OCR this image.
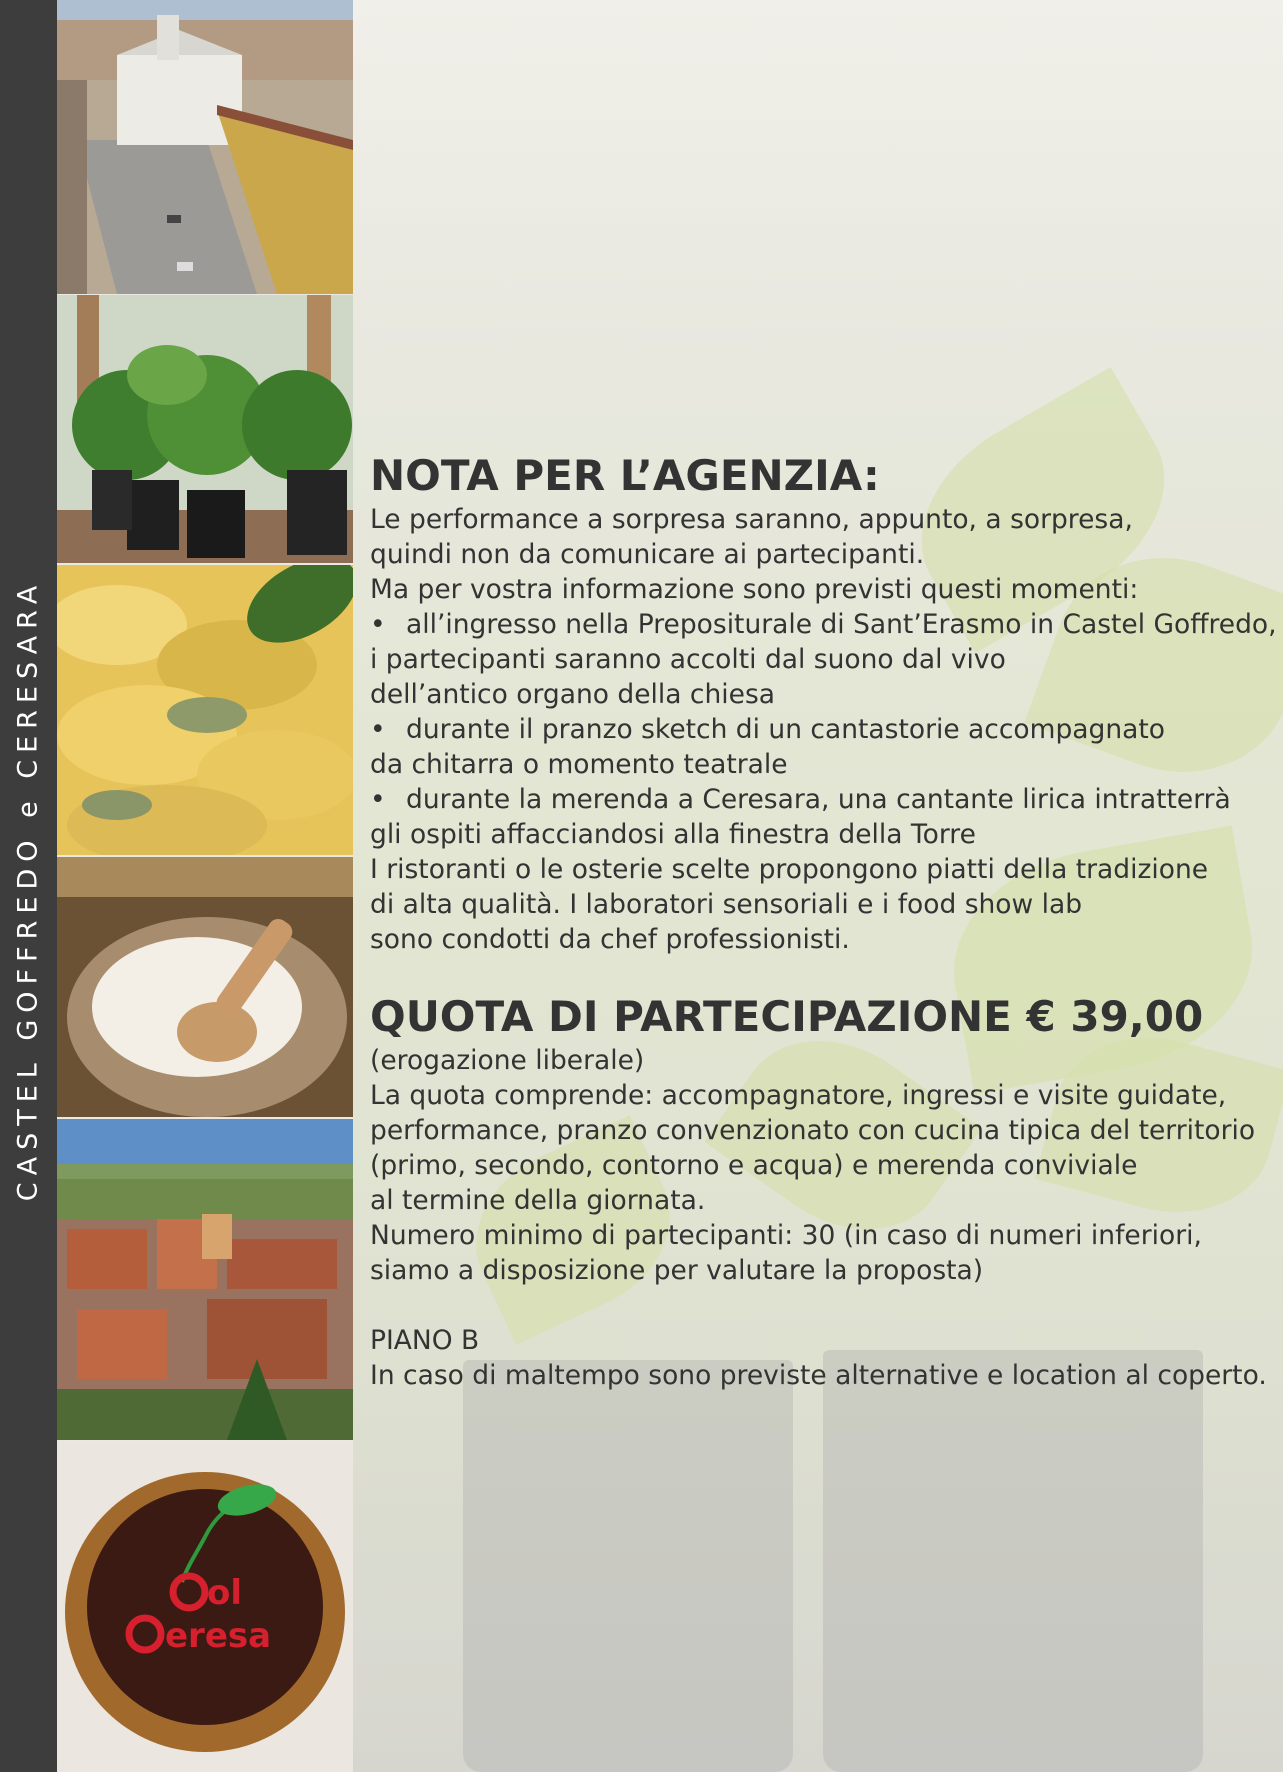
CASTEL GOFFREDO e CERESARA
ol
eresa
NOTA PER L’AGENZIA:
Le performance a sorpresa saranno, appunto, a sorpresa,
quindi non da comunicare ai partecipanti.
Ma per vostra informazione sono previsti questi momenti:
• all’ingresso nella Prepositurale di Sant’Erasmo in Castel Goffredo,
i partecipanti saranno accolti dal suono dal vivo
dell’antico organo della chiesa
• durante il pranzo sketch di un cantastorie accompagnato
da chitarra o momento teatrale
• durante la merenda a Ceresara, una cantante lirica intratterrà
gli ospiti affacciandosi alla finestra della Torre
I ristoranti o le osterie scelte propongono piatti della tradizione
di alta qualità. I laboratori sensoriali e i food show lab
sono condotti da chef professionisti.
QUOTA DI PARTECIPAZIONE € 39,00
(erogazione liberale)
La quota comprende: accompagnatore, ingressi e visite guidate,
performance, pranzo convenzionato con cucina tipica del territorio
(primo, secondo, contorno e acqua) e merenda conviviale
al termine della giornata.
Numero minimo di partecipanti: 30 (in caso di numeri inferiori,
siamo a disposizione per valutare la proposta)
PIANO B
In caso di maltempo sono previste alternative e location al coperto.
